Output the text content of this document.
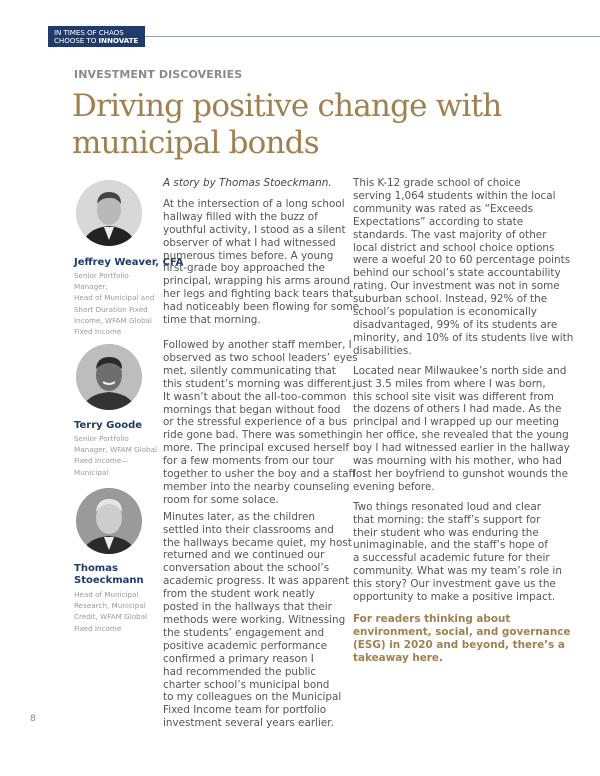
IN TIMES OF CHAOS
CHOOSE TO INNOVATE
INVESTMENT DISCOVERIES
Driving positive change with
municipal bonds
Jeffrey Weaver, CFA
Senior Portfolio Manager,
Head of Municipal and
Short Duration Fixed
Income, WFAM Global
Fixed Income
Terry Goode
Senior Portfolio
Manager, WFAM Global
Fixed Income—Municipal
Thomas
Stoeckmann
Head of Municipal
Research, Municipal
Credit, WFAM Global
Fixed Income
A story by Thomas Stoeckmann.
At the intersection of a long school
hallway filled with the buzz of
youthful activity, I stood as a silent
observer of what I had witnessed
numerous times before. A young
first-grade boy approached the
principal, wrapping his arms around
her legs and fighting back tears that
had noticeably been flowing for some
time that morning.
Followed by another staff member, I
observed as two school leaders’ eyes
met, silently communicating that
this student’s morning was different.
It wasn’t about the all-too-common
mornings that began without food
or the stressful experience of a bus
ride gone bad. There was something
more. The principal excused herself
for a few moments from our tour
together to usher the boy and a staff
member into the nearby counseling
room for some solace.
Minutes later, as the children
settled into their classrooms and
the hallways became quiet, my host
returned and we continued our
conversation about the school’s
academic progress. It was apparent
from the student work neatly
posted in the hallways that their
methods were working. Witnessing
the students’ engagement and
positive academic performance
confirmed a primary reason I
had recommended the public
charter school’s municipal bond
to my colleagues on the Municipal
Fixed Income team for portfolio
investment several years earlier.
This K-12 grade school of choice
serving 1,064 students within the local
community was rated as “Exceeds
Expectations” according to state
standards. The vast majority of other
local district and school choice options
were a woeful 20 to 60 percentage points
behind our school’s state accountability
rating. Our investment was not in some
suburban school. Instead, 92% of the
school’s population is economically
disadvantaged, 99% of its students are
minority, and 10% of its students live with
disabilities.
Located near Milwaukee’s north side and
just 3.5 miles from where I was born,
this school site visit was different from
the dozens of others I had made. As the
principal and I wrapped up our meeting
in her office, she revealed that the young
boy I had witnessed earlier in the hallway
was mourning with his mother, who had
lost her boyfriend to gunshot wounds the
evening before.
Two things resonated loud and clear
that morning: the staff’s support for
their student who was enduring the
unimaginable, and the staff’s hope of
a successful academic future for their
community. What was my team’s role in
this story? Our investment gave us the
opportunity to make a positive impact.
For readers thinking about
environment, social, and governance
(ESG) in 2020 and beyond, there’s a
takeaway here.
8
